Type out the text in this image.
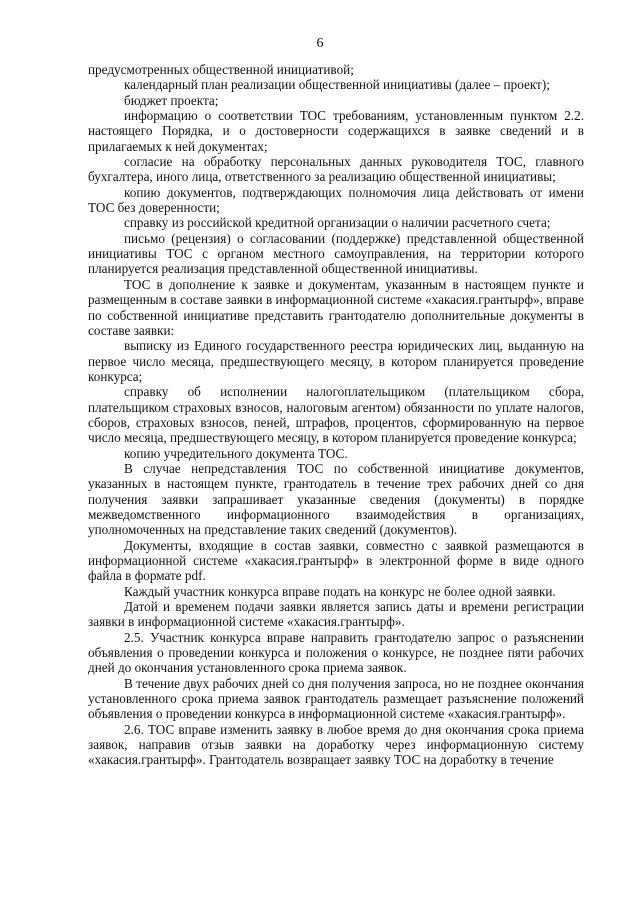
6

предусмотренных общественной инициативой;

календарный план реализации общественной инициативы (далее – проект);

бюджет проекта;

информацию о соответствии ТОС требованиям, установленным пунктом 2.2. настоящего Порядка, и о достоверности содержащихся в заявке сведений и в прилагаемых к ней документах;

согласие на обработку персональных данных руководителя ТОС, главного бухгалтера, иного лица, ответственного за реализацию общественной инициативы;

копию документов, подтверждающих полномочия лица действовать от имени ТОС без доверенности;

справку из российской кредитной организации о наличии расчетного счета;

письмо (рецензия) о согласовании (поддержке) представленной общественной инициативы ТОС с органом местного самоуправления, на территории которого планируется реализация представленной общественной инициативы.

ТОС в дополнение к заявке и документам, указанным в настоящем пункте и размещенным в составе заявки в информационной системе «хакасия.грантырф», вправе по собственной инициативе представить грантодателю дополнительные документы в составе заявки:

выписку из Единого государственного реестра юридических лиц, выданную на первое число месяца, предшествующего месяцу, в котором планируется проведение конкурса;

справку об исполнении налогоплательщиком (плательщиком сбора, плательщиком страховых взносов, налоговым агентом) обязанности по уплате налогов, сборов, страховых взносов, пеней, штрафов, процентов, сформированную на первое число месяца, предшествующего месяцу, в котором планируется проведение конкурса;

копию учредительного документа ТОС.

В случае непредставления ТОС по собственной инициативе документов, указанных в настоящем пункте, грантодатель в течение трех рабочих дней со дня получения заявки запрашивает указанные сведения (документы) в порядке межведомственного информационного взаимодействия в организациях, уполномоченных на представление таких сведений (документов).

Документы, входящие в состав заявки, совместно с заявкой размещаются в информационной системе «хакасия.грантырф» в электронной форме в виде одного файла в формате pdf.

Каждый участник конкурса вправе подать на конкурс не более одной заявки.

Датой и временем подачи заявки является запись даты и времени регистрации заявки в информационной системе «хакасия.грантырф».

2.5. Участник конкурса вправе направить грантодателю запрос о разъяснении объявления о проведении конкурса и положения о конкурсе, не позднее пяти рабочих дней до окончания установленного срока приема заявок.

В течение двух рабочих дней со дня получения запроса, но не позднее окончания установленного срока приема заявок грантодатель размещает разъяснение положений объявления о проведении конкурса в информационной системе «хакасия.грантырф».

2.6. ТОС вправе изменить заявку в любое время до дня окончания срока приема заявок, направив отзыв заявки на доработку через информационную систему «хакасия.грантырф». Грантодатель возвращает заявку ТОС на доработку в течение
